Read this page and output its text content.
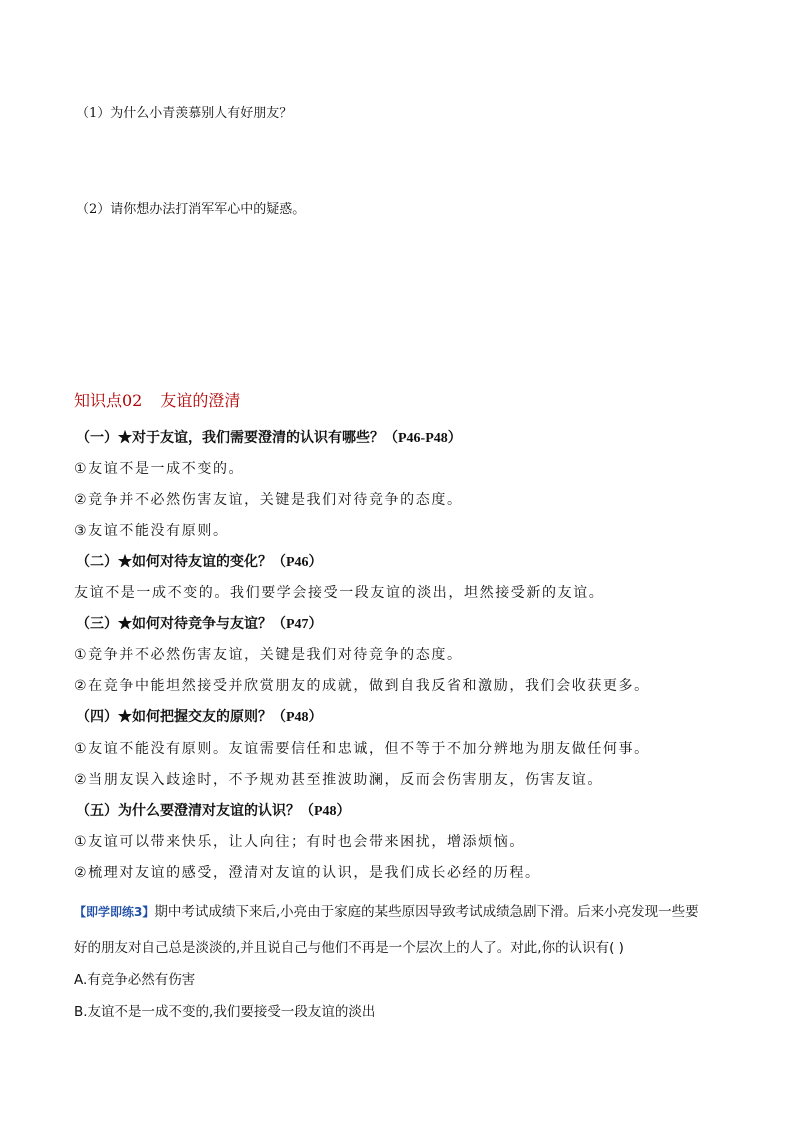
（1）为什么小青羡慕别人有好朋友？
（2）请你想办法打消军军心中的疑惑。
知识点02 友谊的澄清
（一）★对于友谊，我们需要澄清的认识有哪些？（P46-P48）
①友谊不是一成不变的。
②竞争并不必然伤害友谊，关键是我们对待竞争的态度。
③友谊不能没有原则。
（二）★如何对待友谊的变化？（P46）
友谊不是一成不变的。我们要学会接受一段友谊的淡出，坦然接受新的友谊。
（三）★如何对待竞争与友谊？（P47）
①竞争并不必然伤害友谊，关键是我们对待竞争的态度。
②在竞争中能坦然接受并欣赏朋友的成就，做到自我反省和激励，我们会收获更多。
（四）★如何把握交友的原则？（P48）
①友谊不能没有原则。友谊需要信任和忠诚，但不等于不加分辨地为朋友做任何事。
②当朋友误入歧途时，不予规劝甚至推波助澜，反而会伤害朋友，伤害友谊。
（五）为什么要澄清对友谊的认识？（P48）
①友谊可以带来快乐，让人向往；有时也会带来困扰，增添烦恼。
②梳理对友谊的感受，澄清对友谊的认识，是我们成长必经的历程。
【即学即练3】期中考试成绩下来后,小亮由于家庭的某些原因导致考试成绩急剧下滑。后来小亮发现一些要
好的朋友对自己总是淡淡的,并且说自己与他们不再是一个层次上的人了。对此,你的认识有( )
A.有竞争必然有伤害
B.友谊不是一成不变的,我们要接受一段友谊的淡出
